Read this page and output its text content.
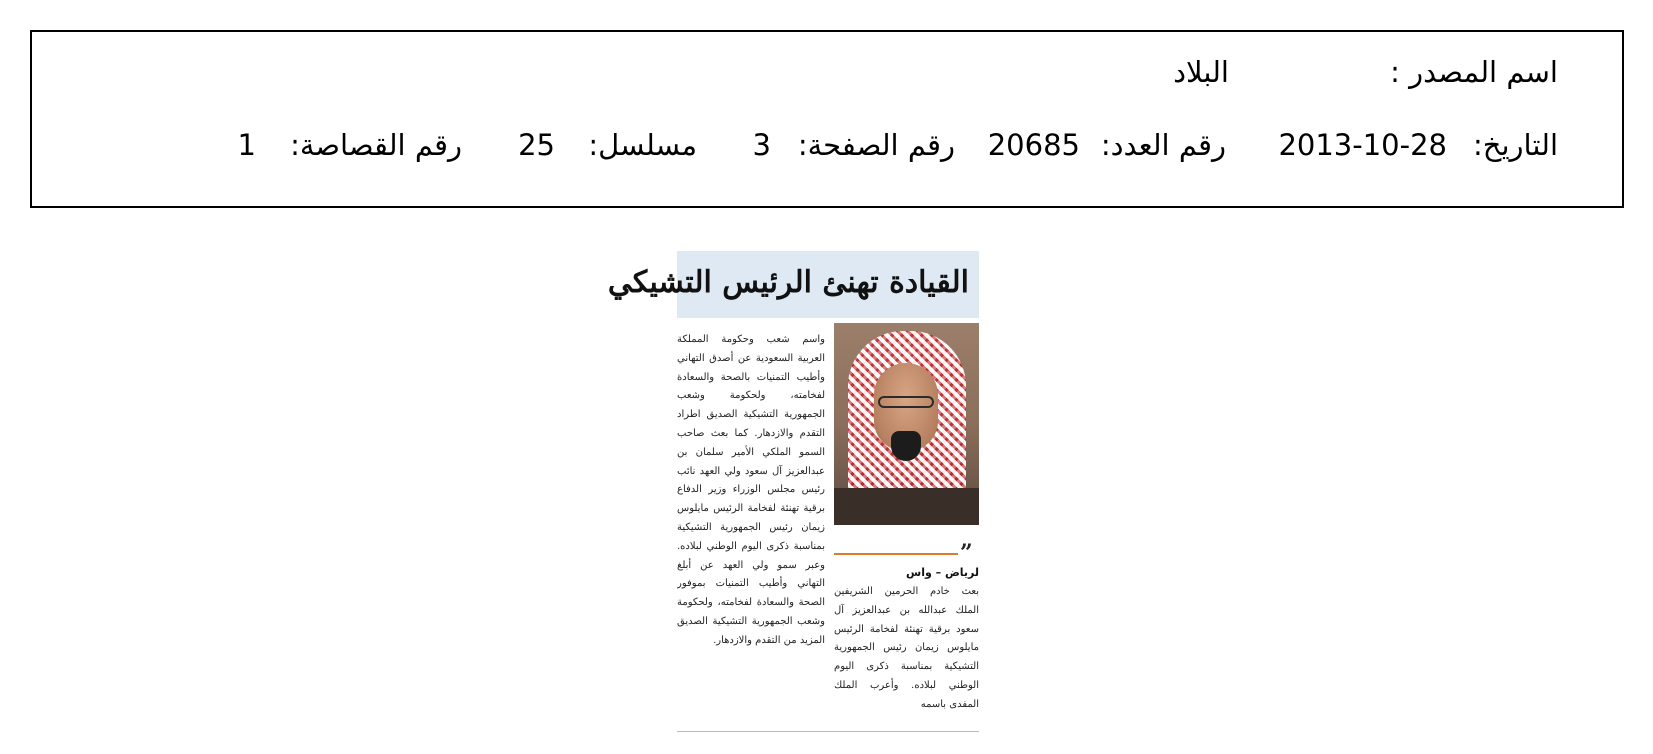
اسم المصدر :
البلاد
التاريخ:
2013-10-28
رقم العدد:
20685
رقم الصفحة:
3
مسلسل:
25
رقم القصاصة:
1
القيادة تهنئ الرئيس التشيكي
واسم شعب وحكومة المملكة العربية السعودية عن أصدق التهاني وأطيب التمنيات بالصحة والسعادة لفخامته، ولحكومة وشعب الجمهورية التشيكية الصديق اطراد التقدم والازدهار. كما بعث صاحب السمو الملكي الأمير سلمان بن عبدالعزيز آل سعود ولي العهد نائب رئيس مجلس الوزراء وزير الدفاع برقية تهنئة لفخامة الرئيس مايلوس زيمان رئيس الجمهورية التشيكية بمناسبة ذكرى اليوم الوطني لبلاده. وعبر سمو ولي العهد عن أبلغ التهاني وأطيب التمنيات بموفور الصحة والسعادة لفخامته، ولحكومة وشعب الجمهورية التشيكية الصديق المزيد من التقدم والازدهار.
”
لرياض – واس
بعث خادم الحرمين الشريفين الملك عبدالله بن عبدالعزيز آل سعود برقية تهنئة لفخامة الرئيس مايلوس زيمان رئيس الجمهورية التشيكية بمناسبة ذكرى اليوم الوطني لبلاده. وأعرب الملك المفدى باسمه
